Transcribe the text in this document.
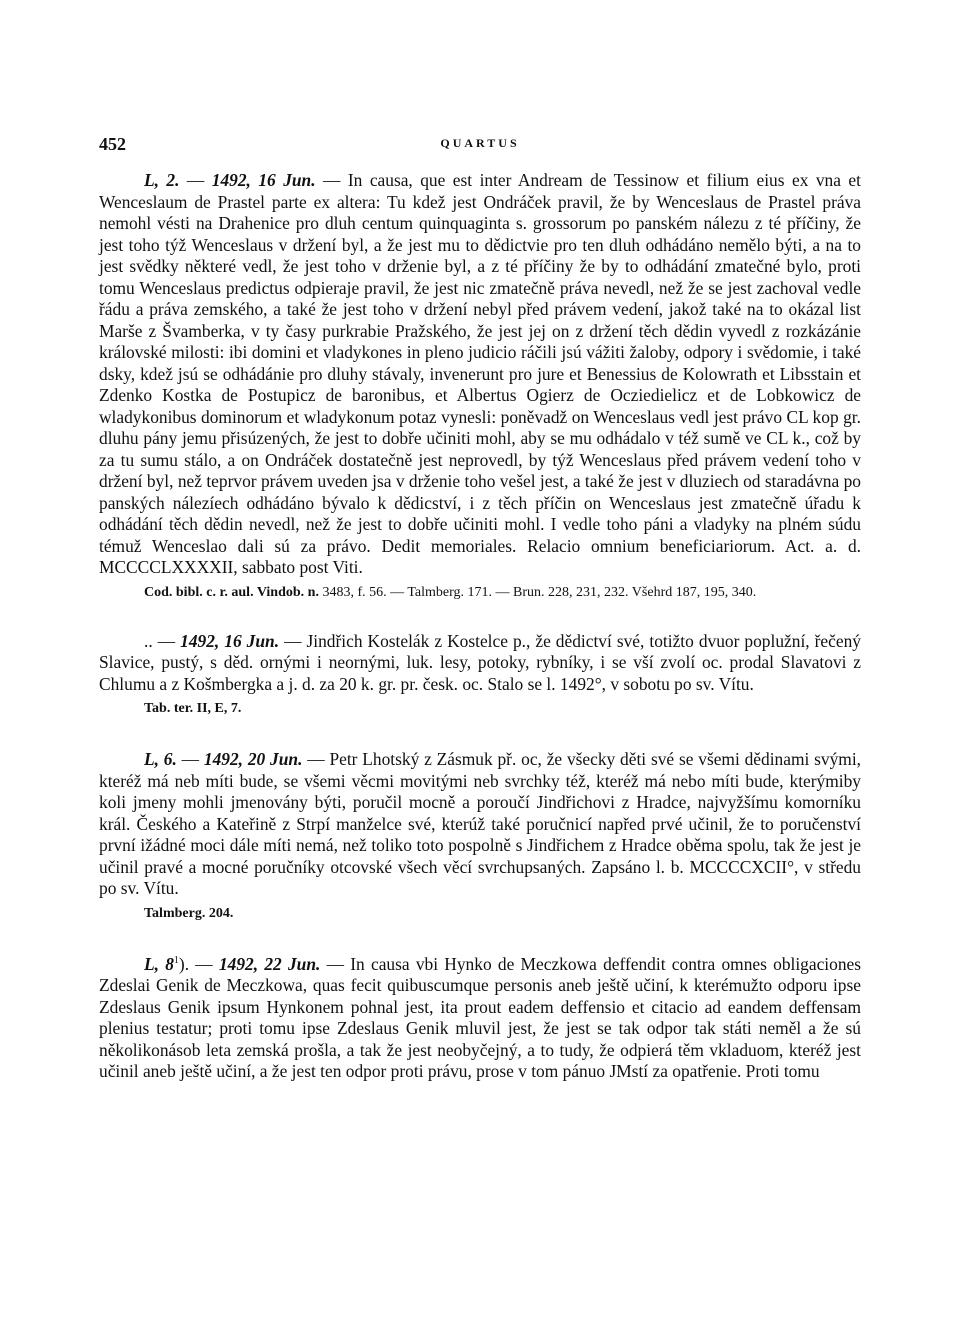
452	QUARTUS

L, 2. — 1492, 16 Jun. — In causa, que est inter Andream de Tessinow et filium eius ex vna et Wenceslaum de Prastel parte ex altera: Tu kdež jest Ondráček pravil, že by Wenceslaus de Prastel práva nemohl vésti na Drahenice pro dluh centum quinquaginta s. grossorum po panském nálezu z té příčiny, že jest toho týž Wenceslaus v držení byl, a že jest mu to dědictvie pro ten dluh odhádáno nemělo býti, a na to jest svědky některé vedl, že jest toho v drženie byl, a z té příčiny že by to odhádání zmatečné bylo, proti tomu Wenceslaus predictus odpieraje pravil, že jest nic zmatečně práva nevedl, než že se jest zachoval vedle řádu a práva zemského, a také že jest toho v držení nebyl před právem vedení, jakož také na to okázal list Marše z Švamberka, v ty časy purkrabie Pražského, že jest jej on z držení těch dědin vyvedl z rozkázánie královské milosti: ibi domini et vladykones in pleno judicio ráčili jsú vážiti žaloby, odpory i svědomie, i také dsky, kdež jsú se odhádánie pro dluhy stávaly, invenerunt pro jure et Benessius de Kolowrath et Libsstain et Zdenko Kostka de Postupicz de baronibus, et Albertus Ogierz de Ocziedielicz et de Lobkowicz de wladykonibus dominorum et wladykonum potaz vynesli: poněvadž on Wenceslaus vedl jest právo CL kop gr. dluhu pány jemu přisúzených, že jest to dobře učiniti mohl, aby se mu odhádalo v též sumě ve CL k., což by za tu sumu stálo, a on Ondráček dostatečně jest neprovedl, by týž Wenceslaus před právem vedení toho v držení byl, než teprvor právem uveden jsa v drženie toho vešel jest, a také že jest v dluziech od staradávna po panských nálezíech odhádáno bývalo k dědicství, i z těch příčin on Wenceslaus jest zmatečně úřadu k odhádání těch dědin nevedl, než že jest to dobře učiniti mohl. I vedle toho páni a vladyky na plném súdu témuž Wenceslao dali sú za právo. Dedit memoriales. Relacio omnium beneficiariorum. Act. a. d. MCCCCLXXXXII, sabbato post Viti.

Cod. bibl. c. r. aul. Vindob. n. 3483, f. 56. — Talmberg. 171. — Brun. 228, 231, 232. Všehrd 187, 195, 340.

.. — 1492, 16 Jun. — Jindřich Kostelák z Kostelce p., že dědictví své, totižto dvuor poplužní, řečený Slavice, pustý, s děd. ornými i neornými, luk. lesy, potoky, rybníky, i se vší zvolí oc. prodal Slavatovi z Chlumu a z Košmbergka a j. d. za 20 k. gr. pr. česk. oc. Stalo se l. 1492°, v sobotu po sv. Vítu.

Tab. ter. II, E, 7.

L, 6. — 1492, 20 Jun. — Petr Lhotský z Zásmuk př. oc, že všecky děti své se všemi dědinami svými, kteréž má neb míti bude, se všemi věcmi movitými neb svrchky též, kteréž má nebo míti bude, kterýmiby koli jmeny mohli jmenovány býti, poručil mocně a poroučí Jindřichovi z Hradce, najvyžšímu komorníku král. Českého a Kateřině z Strpí manželce své, kterúž také poručnicí napřed prvé učinil, že to poručenství první ižádné moci dále míti nemá, než toliko toto pospolně s Jindřichem z Hradce oběma spolu, tak že jest je učinil pravé a mocné poručníky otcovské všech věcí svrchupsaných. Zapsáno l. b. MCCCCXCII°, v středu po sv. Vítu.

Talmberg. 204.

L, $8^1$). — 1492, 22 Jun. — In causa vbi Hynko de Meczkowa deffendit contra omnes obligaciones Zdeslai Genik de Meczkowa, quas fecit quibuscumque personis aneb ještě učiní, k kterémužto odporu ipse Zdeslaus Genik ipsum Hynkonem pohnal jest, ita prout eadem deffensio et citacio ad eandem deffensam plenius testatur; proti tomu ipse Zdeslaus Genik mluvil jest, že jest se tak odpor tak státi neměl a že sú několikonásob leta zemská prošla, a tak že jest neobyčejný, a to tudy, že odpierá těm vkladuom, kteréž jest učinil aneb ještě učiní, a že jest ten odpor proti právu, prose v tom pánuo JMstí za opatřenie. Proti tomu
